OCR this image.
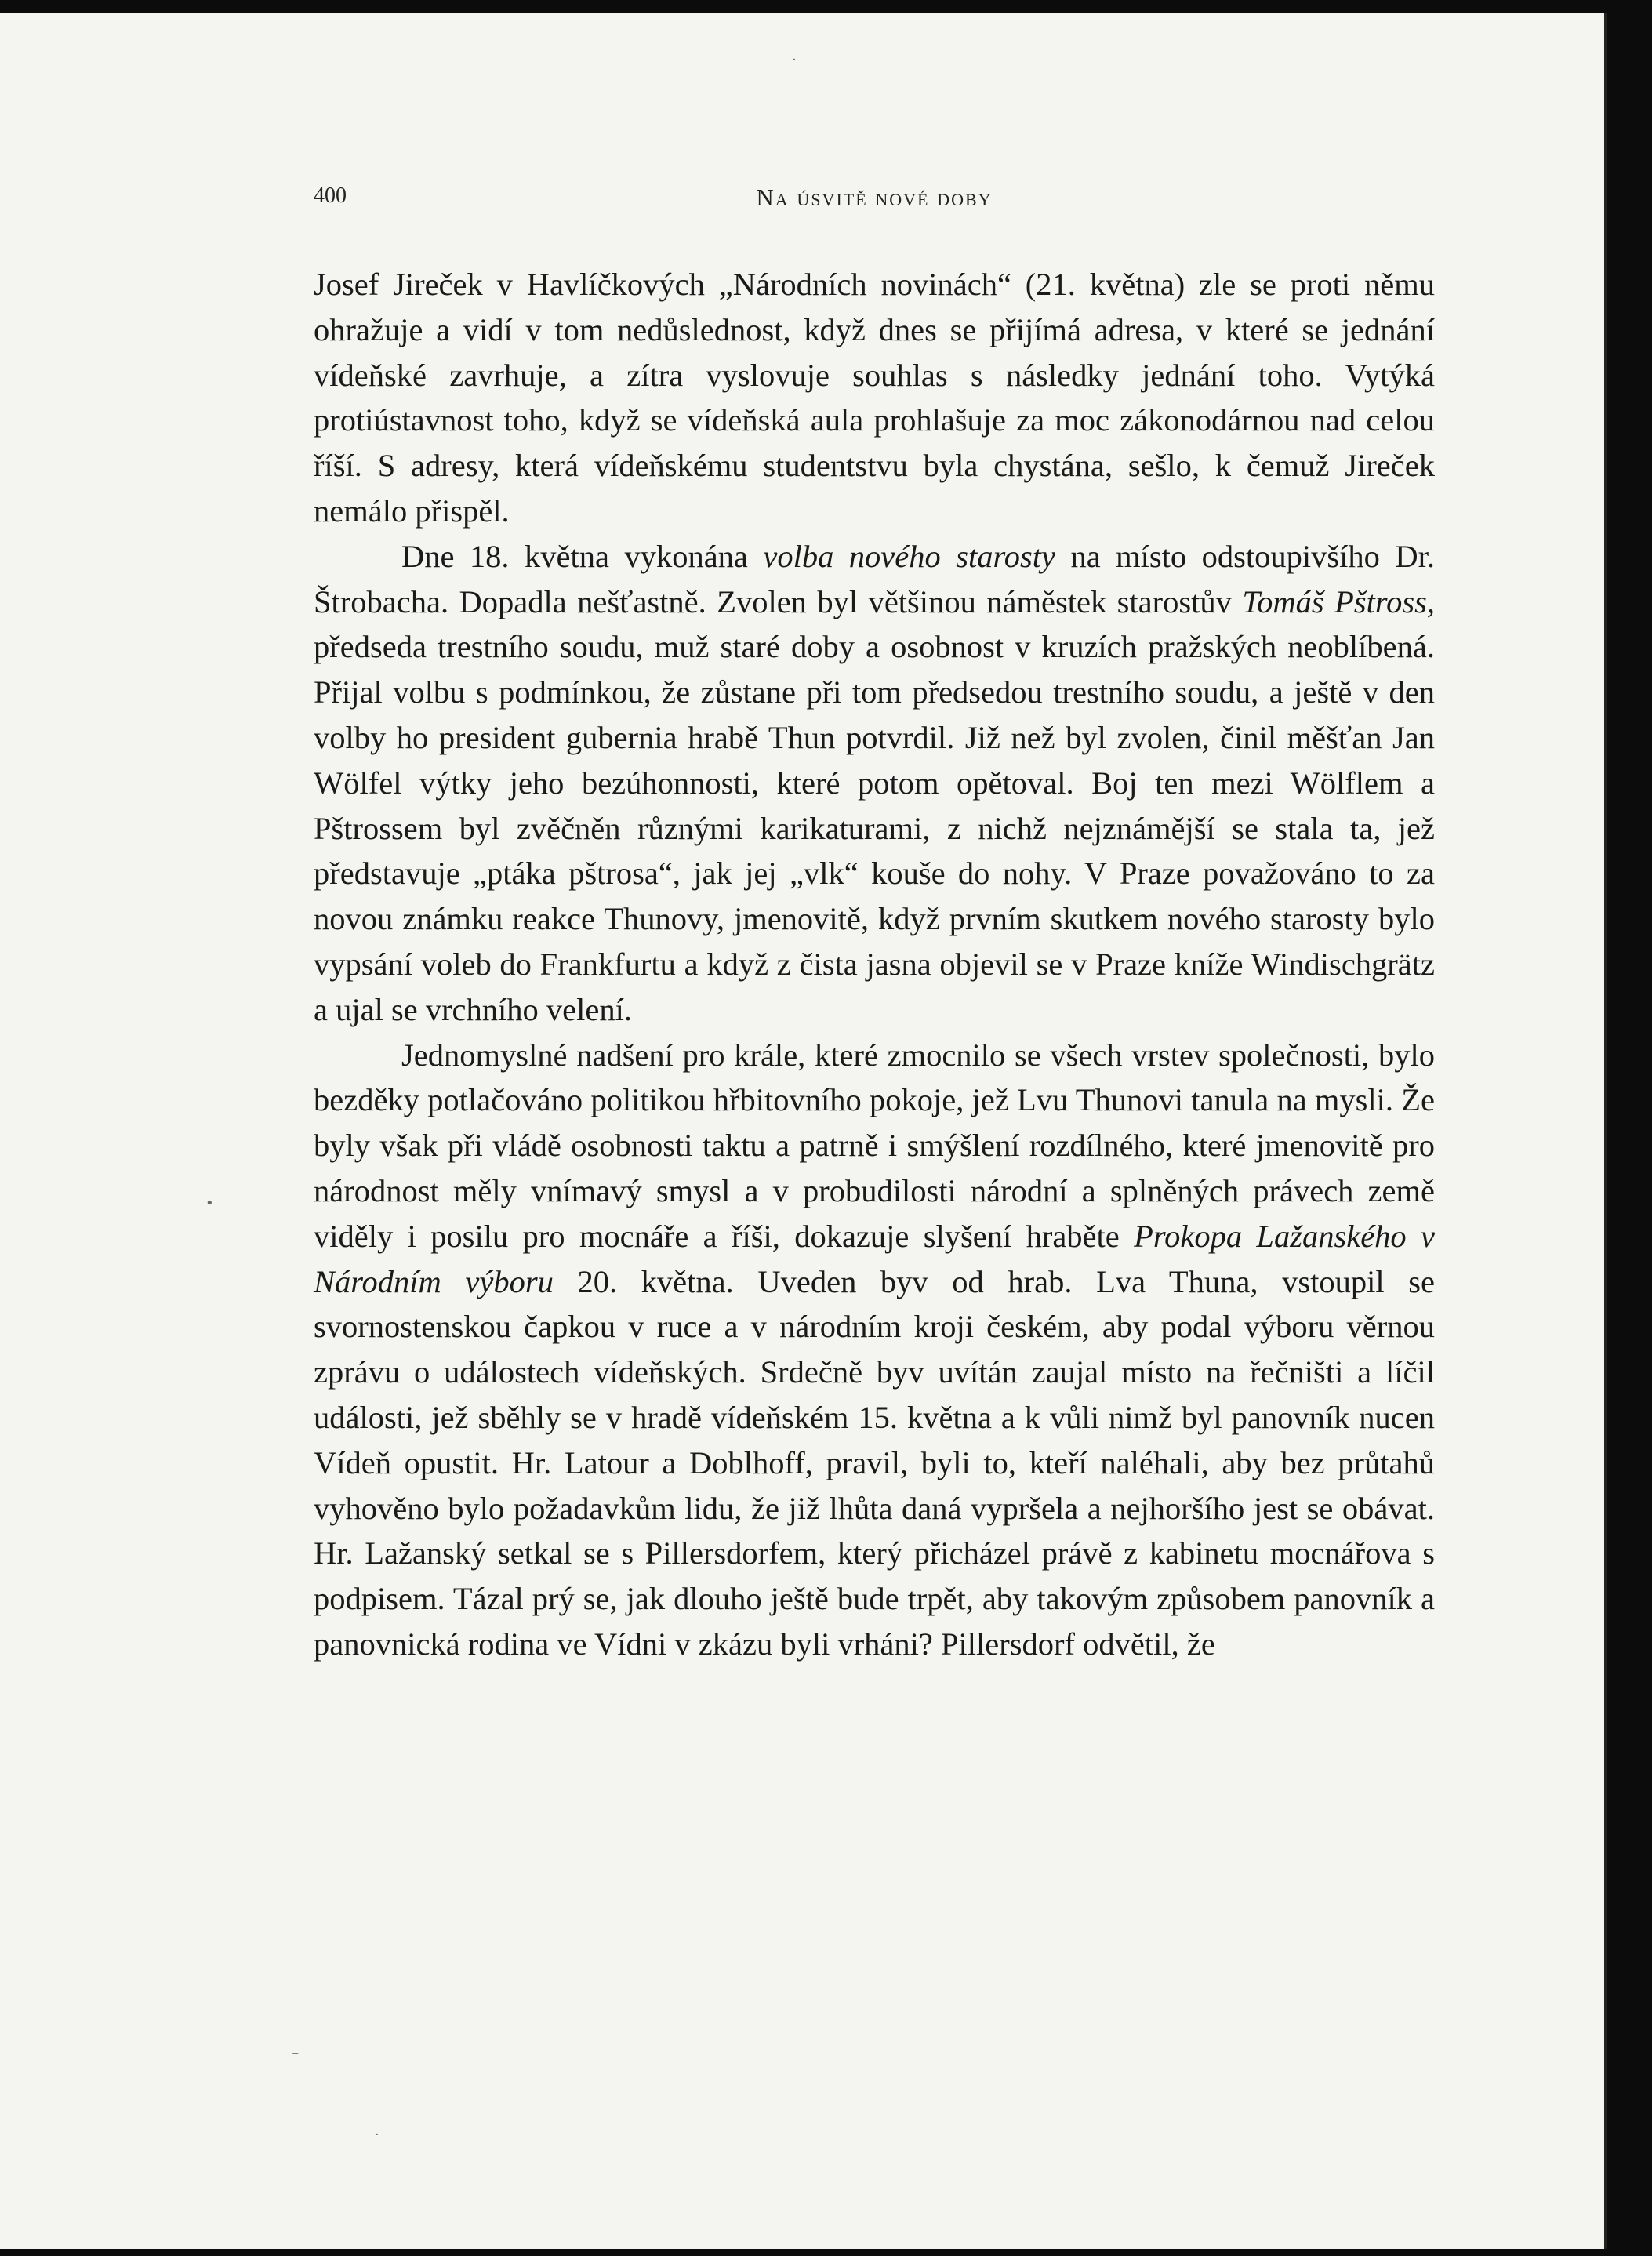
400	Na úsvitě nové doby

Josef Jireček v Havlíčkových „Národních novinách“ (21. května) zle se proti němu ohražuje a vidí v tom nedůslednost, když dnes se přijímá adresa, v které se jednání vídeňské zavrhuje, a zítra vyslovuje souhlas s následky jednání toho. Vytýká protiústavnost toho, když se vídeňská aula prohlašuje za moc zákonodárnou nad celou říší. S adresy, která vídeňskému studentstvu byla chystána, sešlo, k čemuž Jireček nemálo přispěl.

Dne 18. května vykonána volba nového starosty na místo odstoupivšího Dr. Štrobacha. Dopadla nešťastně. Zvolen byl většinou náměstek starostův Tomáš Pštross, předseda trestního soudu, muž staré doby a osobnost v kruzích pražských neoblíbená. Přijal volbu s podmínkou, že zůstane při tom předsedou trestního soudu, a ještě v den volby ho president gubernia hrabě Thun potvrdil. Již než byl zvolen, činil měšťan Jan Wölfel výtky jeho bezúhonnosti, které potom opětoval. Boj ten mezi Wölflem a Pštrossem byl zvěčněn různými karikaturami, z nichž nejznámější se stala ta, jež představuje „ptáka pštrosa“, jak jej „vlk“ kouše do nohy. V Praze považováno to za novou známku reakce Thunovy, jmenovitě, když prvním skutkem nového starosty bylo vypsání voleb do Frankfurtu a když z čista jasna objevil se v Praze kníže Windischgrätz a ujal se vrchního velení.

Jednomyslné nadšení pro krále, které zmocnilo se všech vrstev společnosti, bylo bezděky potlačováno politikou hřbitovního pokoje, jež Lvu Thunovi tanula na mysli. Že byly však při vládě osobnosti taktu a patrně i smýšlení rozdílného, které jmenovitě pro národnost měly vnímavý smysl a v probudilosti národní a splněných právech země viděly i posilu pro mocnáře a říši, dokazuje slyšení hraběte Prokopa Lažanského v Národním výboru 20. května. Uveden byv od hrab. Lva Thuna, vstoupil se svornostenskou čapkou v ruce a v národním kroji českém, aby podal výboru věrnou zprávu o událostech vídeňských. Srdečně byv uvítán zaujal místo na řečništi a líčil události, jež sběhly se v hradě vídeňském 15. května a k vůli nimž byl panovník nucen Vídeň opustit. Hr. Latour a Doblhoff, pravil, byli to, kteří naléhali, aby bez průtahů vyhověno bylo požadavkům lidu, že již lhůta daná vypršela a nejhoršího jest se obávat. Hr. Lažanský setkal se s Pillersdorfem, který přicházel právě z kabinetu mocnářova s podpisem. Tázal prý se, jak dlouho ještě bude trpět, aby takovým způsobem panovník a panovnická rodina ve Vídni v zkázu byli vrháni? Pillersdorf odvětil, že

·
•
⁻
·
